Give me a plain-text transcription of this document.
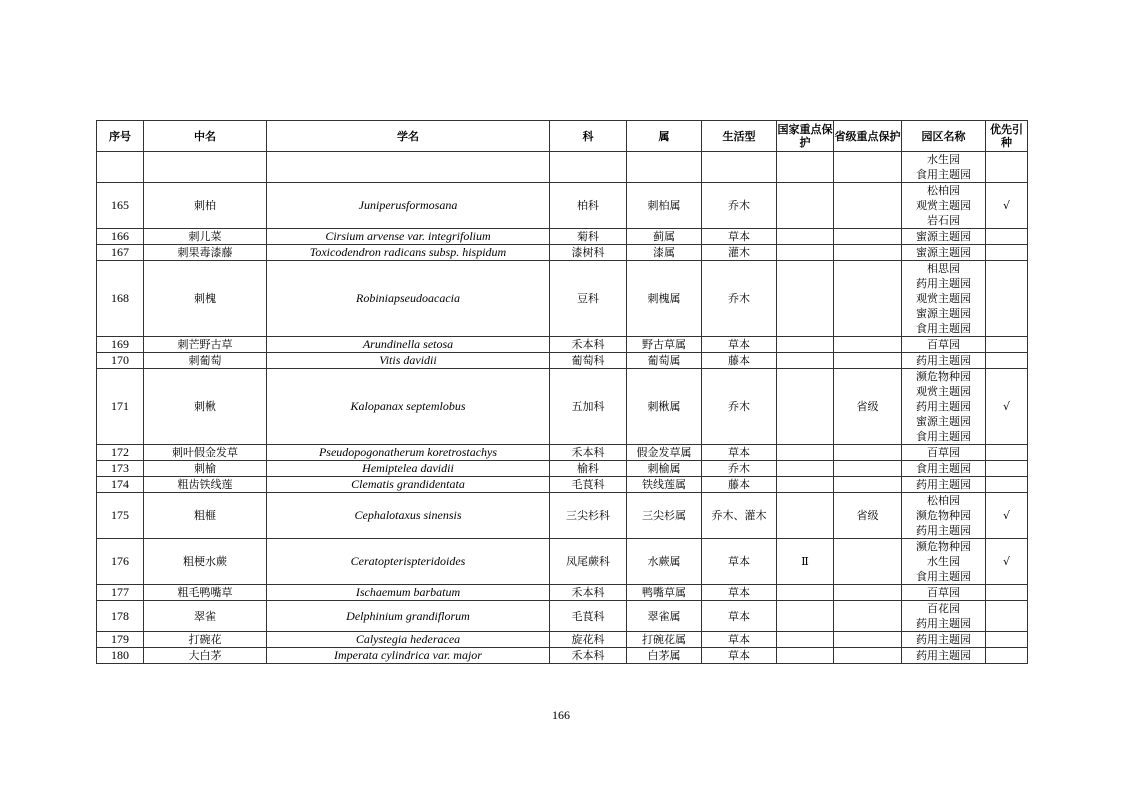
序号	中名	学名	科	属	生活型	国家重点保护	省级重点保护	园区名称	优先引种

								水生园
食用主题园	

165	刺柏	Juniperusformosana	柏科	刺柏属	乔木			松柏园
观赏主题园
岩石园	√
166	刺儿菜	Cirsium arvense var. integrifolium	菊科	蓟属	草本			蜜源主题园	

167	刺果毒漆藤	Toxicodendron radicans subsp. hispidum	漆树科	漆属	灌木			蜜源主题园	

168	刺槐	Robiniapseudoacacia	豆科	刺槐属	乔木			相思园
药用主题园
观赏主题园
蜜源主题园
食用主题园	

169	刺芒野古草	Arundinella setosa	禾本科	野古草属	草本			百草园	

170	刺葡萄	Vitis davidii	葡萄科	葡萄属	藤本			药用主题园	

171	刺楸	Kalopanax septemlobus	五加科	刺楸属	乔木		省级	濒危物种园
观赏主题园
药用主题园
蜜源主题园
食用主题园	√
172	刺叶假金发草	Pseudopogonatherum koretrostachys	禾本科	假金发草属	草本			百草园	

173	刺榆	Hemiptelea davidii	榆科	刺榆属	乔木			食用主题园	

174	粗齿铁线莲	Clematis grandidentata	毛茛科	铁线莲属	藤本			药用主题园	

175	粗榧	Cephalotaxus sinensis	三尖杉科	三尖杉属	乔木、灌木		省级	松柏园
濒危物种园
药用主题园	√
176	粗梗水蕨	Ceratopterispteridoides	凤尾蕨科	水蕨属	草本	Ⅱ		濒危物种园
水生园
食用主题园	√
177	粗毛鸭嘴草	Ischaemum barbatum	禾本科	鸭嘴草属	草本			百草园	

178	翠雀	Delphinium grandiflorum	毛茛科	翠雀属	草本			百花园
药用主题园	

179	打碗花	Calystegia hederacea	旋花科	打碗花属	草本			药用主题园	

180	大白茅	Imperata cylindrica var. major	禾本科	白茅属	草本			药用主题园	

166
